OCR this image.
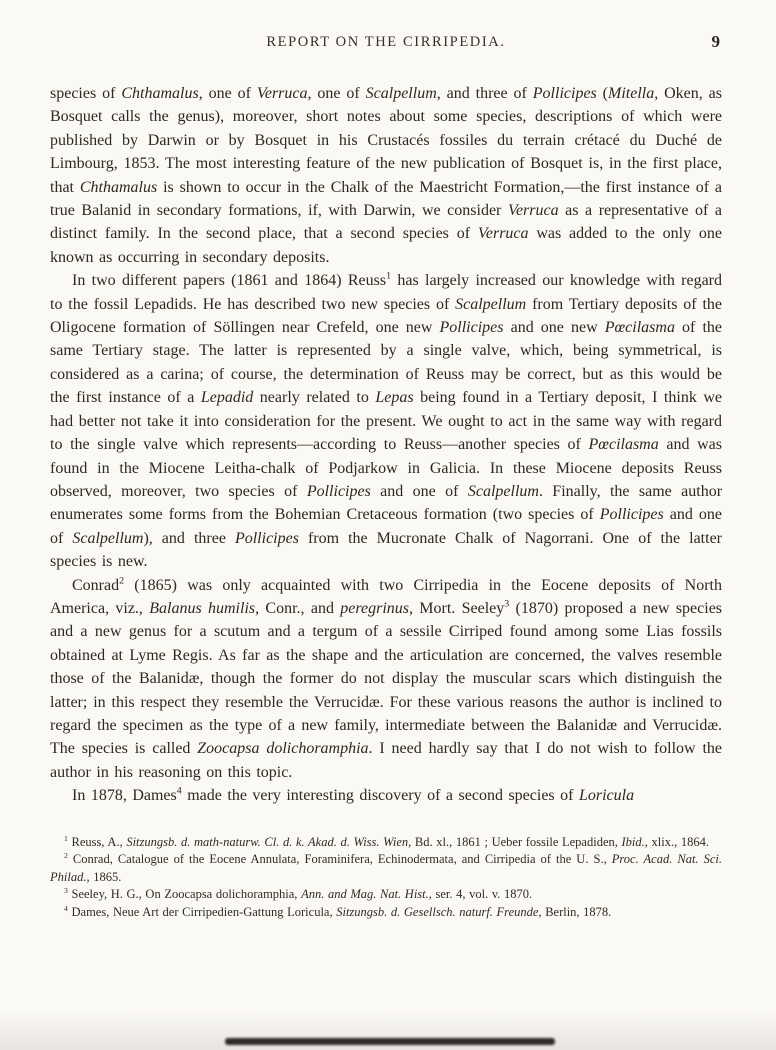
REPORT ON THE CIRRIPEDIA.	9

species of Chthamalus, one of Verruca, one of Scalpellum, and three of Pollicipes (Mitella, Oken, as Bosquet calls the genus), moreover, short notes about some species, descriptions of which were published by Darwin or by Bosquet in his Crustacés fossiles du terrain crétacé du Duché de Limbourg, 1853. The most interesting feature of the new publication of Bosquet is, in the first place, that Chthamalus is shown to occur in the Chalk of the Maestricht Formation,—the first instance of a true Balanid in secondary formations, if, with Darwin, we consider Verruca as a representative of a distinct family. In the second place, that a second species of Verruca was added to the only one known as occurring in secondary deposits.

In two different papers (1861 and 1864) Reuss$^1$ has largely increased our knowledge with regard to the fossil Lepadids. He has described two new species of Scalpellum from Tertiary deposits of the Oligocene formation of Söllingen near Crefeld, one new Pollicipes and one new Pœcilasma of the same Tertiary stage. The latter is represented by a single valve, which, being symmetrical, is considered as a carina; of course, the determination of Reuss may be correct, but as this would be the first instance of a Lepadid nearly related to Lepas being found in a Tertiary deposit, I think we had better not take it into consideration for the present. We ought to act in the same way with regard to the single valve which represents—according to Reuss—another species of Pœcilasma and was found in the Miocene Leitha-chalk of Podjarkow in Galicia. In these Miocene deposits Reuss observed, moreover, two species of Pollicipes and one of Scalpellum. Finally, the same author enumerates some forms from the Bohemian Cretaceous formation (two species of Pollicipes and one of Scalpellum), and three Pollicipes from the Mucronate Chalk of Nagorrani. One of the latter species is new.

Conrad$^2$ (1865) was only acquainted with two Cirripedia in the Eocene deposits of North America, viz., Balanus humilis, Conr., and peregrinus, Mort. Seeley$^3$ (1870) proposed a new species and a new genus for a scutum and a tergum of a sessile Cirriped found among some Lias fossils obtained at Lyme Regis. As far as the shape and the articulation are concerned, the valves resemble those of the Balanidæ, though the former do not display the muscular scars which distinguish the latter; in this respect they resemble the Verrucidæ. For these various reasons the author is inclined to regard the specimen as the type of a new family, intermediate between the Balanidæ and Verrucidæ. The species is called Zoocapsa dolichoramphia. I need hardly say that I do not wish to follow the author in his reasoning on this topic.

In 1878, Dames$^4$ made the very interesting discovery of a second species of Loricula

$^1$ Reuss, A., Sitzungsb. d. math-naturw. Cl. d. k. Akad. d. Wiss. Wien, Bd. xl., 1861 ; Ueber fossile Lepadiden, Ibid., xlix., 1864.

$^2$ Conrad, Catalogue of the Eocene Annulata, Foraminifera, Echinodermata, and Cirripedia of the U. S., Proc. Acad. Nat. Sci. Philad., 1865.

$^3$ Seeley, H. G., On Zoocapsa dolichoramphia, Ann. and Mag. Nat. Hist., ser. 4, vol. v. 1870.

$^4$ Dames, Neue Art der Cirripedien-Gattung Loricula, Sitzungsb. d. Gesellsch. naturf. Freunde, Berlin, 1878.
